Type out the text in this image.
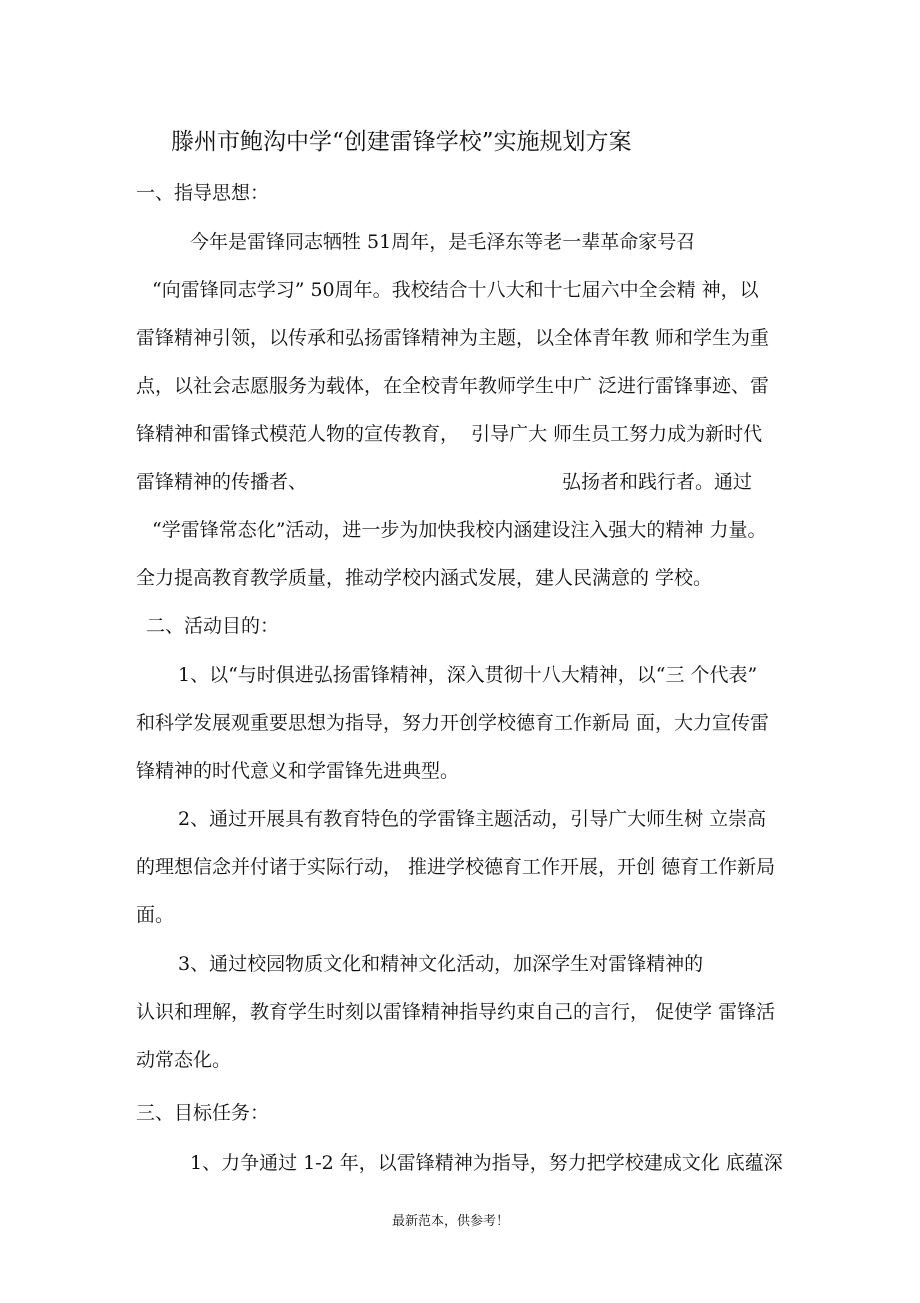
滕州市鲍沟中学“创建雷锋学校”实施规划方案

一、指导思想：

今年是雷锋同志牺牲 51周年，是毛泽东等老一辈革命家号召

“向雷锋同志学习” 50周年。我校结合十八大和十七届六中全会精 神，以

雷锋精神引领，以传承和弘扬雷锋精神为主题，以全体青年教 师和学生为重

点，以社会志愿服务为载体，在全校青年教师学生中广 泛进行雷锋事迹、雷

锋精神和雷锋式模范人物的宣传教育，  引导广大 师生员工努力成为新时代

雷锋精神的传播者、	弘扬者和践行者。通过

“学雷锋常态化”活动，进一步为加快我校内涵建设注入强大的精神 力量。

全力提高教育教学质量，推动学校内涵式发展，建人民满意的 学校。

二、活动目的：

1、以“与时俱进弘扬雷锋精神，深入贯彻十八大精神，以“三 个代表”

和科学发展观重要思想为指导，努力开创学校德育工作新局 面，大力宣传雷

锋精神的时代意义和学雷锋先进典型。

2、通过开展具有教育特色的学雷锋主题活动，引导广大师生树 立崇高

的理想信念并付诸于实际行动， 推进学校德育工作开展，开创 德育工作新局

面。

3、通过校园物质文化和精神文化活动，加深学生对雷锋精神的

认识和理解，教育学生时刻以雷锋精神指导约束自己的言行， 促使学 雷锋活

动常态化。

三、目标任务：

1、力争通过 1-2 年，以雷锋精神为指导，努力把学校建成文化 底蕴深

最新范本，供参考！
